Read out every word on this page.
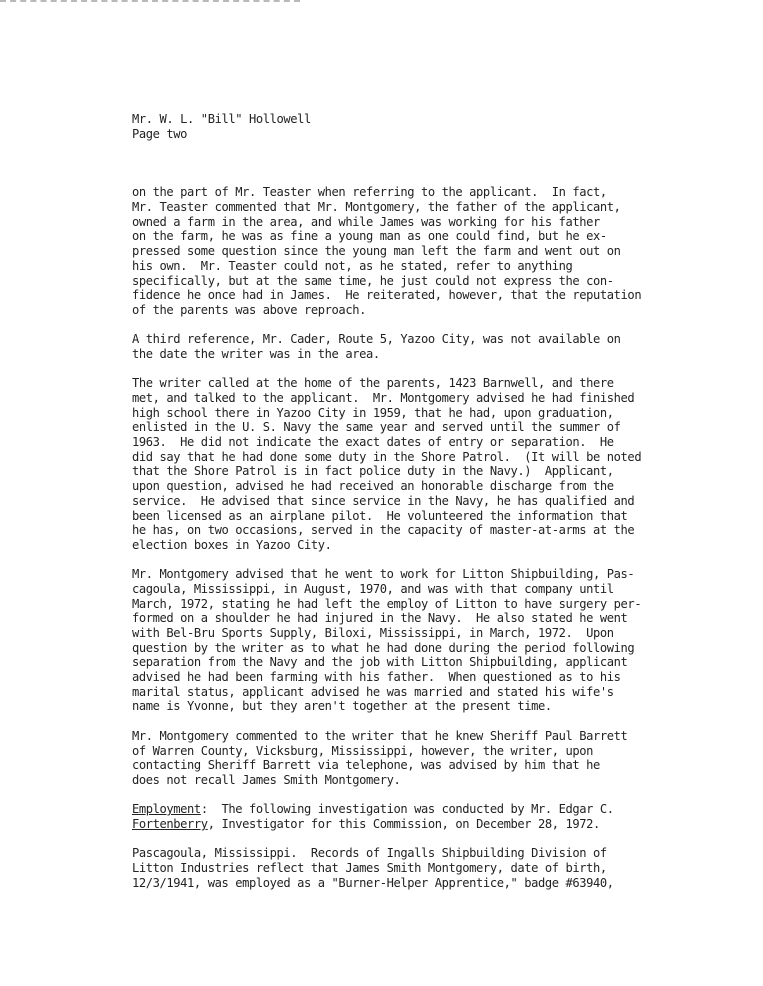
Mr. W. L. "Bill" Hollowell
Page two
on the part of Mr. Teaster when referring to the applicant.  In fact,
Mr. Teaster commented that Mr. Montgomery, the father of the applicant,
owned a farm in the area, and while James was working for his father
on the farm, he was as fine a young man as one could find, but he ex-
pressed some question since the young man left the farm and went out on
his own.  Mr. Teaster could not, as he stated, refer to anything
specifically, but at the same time, he just could not express the con-
fidence he once had in James.  He reiterated, however, that the reputation
of the parents was above reproach.
A third reference, Mr. Cader, Route 5, Yazoo City, was not available on
the date the writer was in the area.
The writer called at the home of the parents, 1423 Barnwell, and there
met, and talked to the applicant.  Mr. Montgomery advised he had finished
high school there in Yazoo City in 1959, that he had, upon graduation,
enlisted in the U. S. Navy the same year and served until the summer of
1963.  He did not indicate the exact dates of entry or separation.  He
did say that he had done some duty in the Shore Patrol.  (It will be noted
that the Shore Patrol is in fact police duty in the Navy.)  Applicant,
upon question, advised he had received an honorable discharge from the
service.  He advised that since service in the Navy, he has qualified and
been licensed as an airplane pilot.  He volunteered the information that
he has, on two occasions, served in the capacity of master-at-arms at the
election boxes in Yazoo City.
Mr. Montgomery advised that he went to work for Litton Shipbuilding, Pas-
cagoula, Mississippi, in August, 1970, and was with that company until
March, 1972, stating he had left the employ of Litton to have surgery per-
formed on a shoulder he had injured in the Navy.  He also stated he went
with Bel-Bru Sports Supply, Biloxi, Mississippi, in March, 1972.  Upon
question by the writer as to what he had done during the period following
separation from the Navy and the job with Litton Shipbuilding, applicant
advised he had been farming with his father.  When questioned as to his
marital status, applicant advised he was married and stated his wife's
name is Yvonne, but they aren't together at the present time.
Mr. Montgomery commented to the writer that he knew Sheriff Paul Barrett
of Warren County, Vicksburg, Mississippi, however, the writer, upon
contacting Sheriff Barrett via telephone, was advised by him that he
does not recall James Smith Montgomery.
Employment:  The following investigation was conducted by Mr. Edgar C.
Fortenberry, Investigator for this Commission, on December 28, 1972.
Pascagoula, Mississippi.  Records of Ingalls Shipbuilding Division of
Litton Industries reflect that James Smith Montgomery, date of birth,
12/3/1941, was employed as a "Burner-Helper Apprentice," badge #63940,
